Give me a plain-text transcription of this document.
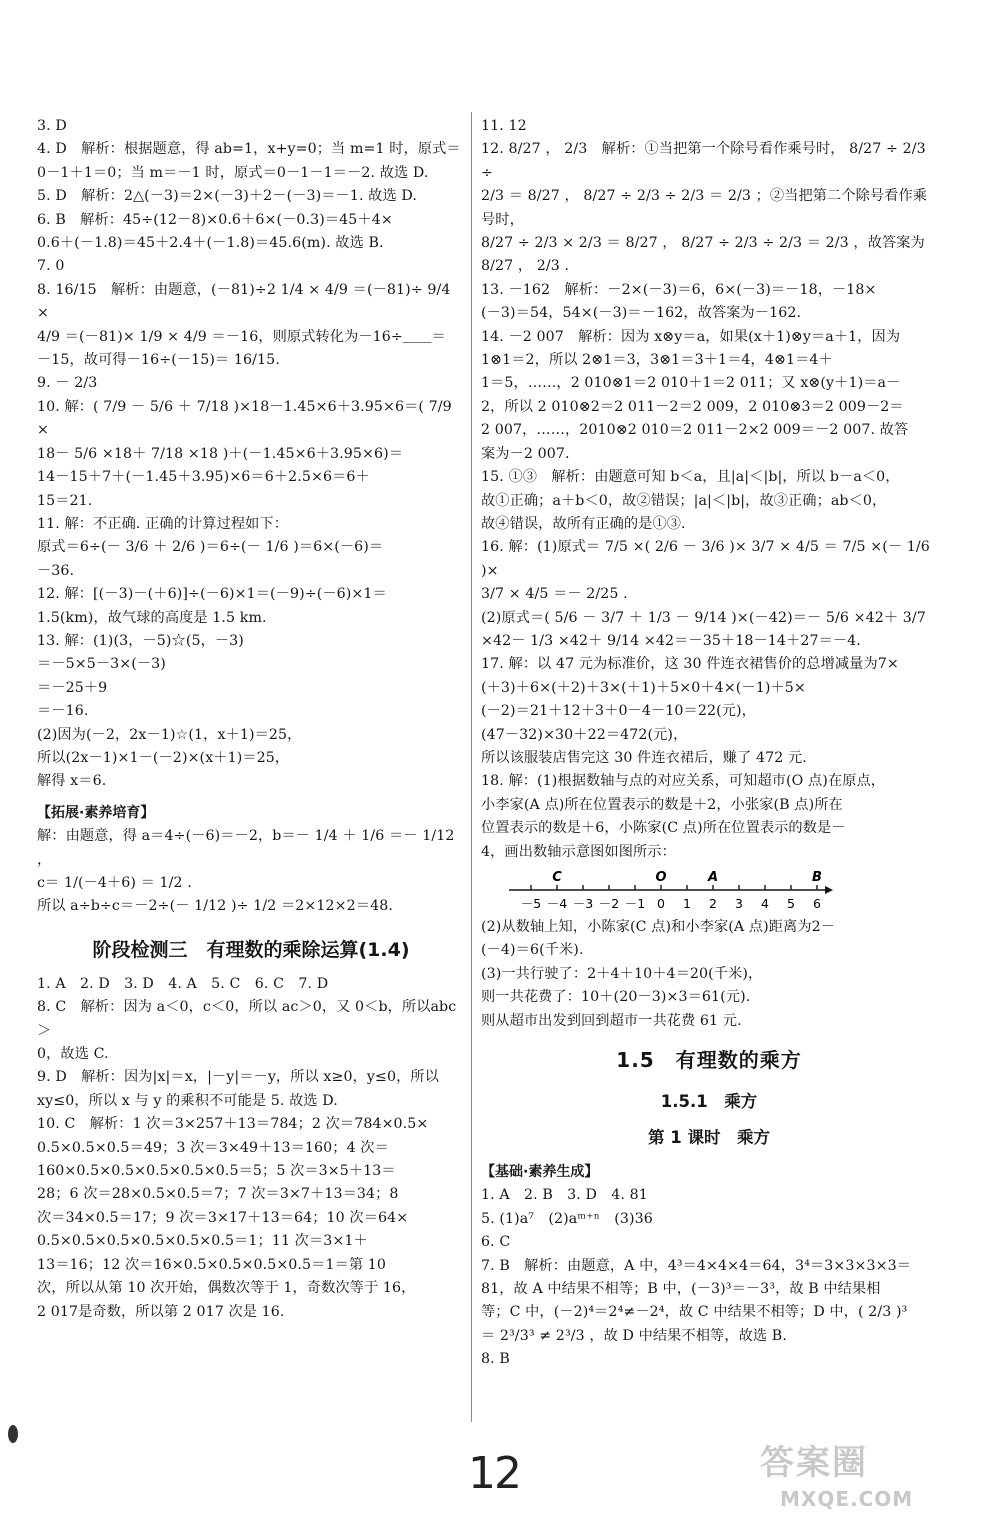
3. D

4. D　解析：根据题意，得 ab=1，x+y=0；当 m=1 时，原式＝

0－1＋1＝0；当 m＝－1 时，原式＝0－1－1＝－2. 故选 D.

5. D　解析：2△(－3)＝2×(－3)＋2－(－3)＝－1. 故选 D.

6. B　解析：45÷(12－8)×0.6＋6×(－0.3)＝45＋4×

0.6＋(－1.8)＝45＋2.4＋(－1.8)＝45.6(m). 故选 B.

7. 0

8. 16/15　解析：由题意，(－81)÷2 1/4 × 4/9 ＝(－81)÷ 9/4 ×

4/9 ＝(－81)× 1/9 × 4/9 ＝－16，则原式转化为－16÷＿＿＝

－15，故可得－16÷(－15)＝ 16/15.

9. － 2/3

10. 解：( 7/9 － 5/6 ＋ 7/18 )×18－1.45×6＋3.95×6＝( 7/9 ×

18－ 5/6 ×18＋ 7/18 ×18 )＋(－1.45×6＋3.95×6)＝

14－15＋7＋(－1.45＋3.95)×6＝6＋2.5×6＝6＋

15＝21.

11. 解：不正确. 正确的计算过程如下：

原式＝6÷(－ 3/6 ＋ 2/6 )＝6÷(－ 1/6 )＝6×(－6)＝

－36.

12. 解：[(－3)－(＋6)]÷(－6)×1＝(－9)÷(－6)×1＝

1.5(km)，故气球的高度是 1.5 km.

13. 解：(1)(3，－5)☆(5，－3)

＝－5×5－3×(－3)

＝－25＋9

＝－16.

(2)因为(－2，2x－1)☆(1，x＋1)＝25，

所以(2x－1)×1－(－2)×(x＋1)＝25，

解得 x＝6.

【拓展·素养培育】

解：由题意，得 a＝4÷(－6)＝－2，b＝－ 1/4 ＋ 1/6 ＝－ 1/12 ，

c＝ 1/(－4＋6) ＝ 1/2 .

所以 a÷b÷c＝－2÷(－ 1/12 )÷ 1/2 ＝2×12×2＝48.

阶段检测三　有理数的乘除运算(1.4)

1. A　2. D　3. D　4. A　5. C　6. C　7. D

8. C　解析：因为 a＜0，c＜0，所以 ac＞0，又 0＜b，所以abc＞

0，故选 C.

9. D　解析：因为|x|＝x，|－y|＝－y，所以 x≥0，y≤0，所以

xy≤0，所以 x 与 y 的乘积不可能是 5. 故选 D.

10. C　解析：1 次＝3×257＋13＝784；2 次＝784×0.5×

0.5×0.5×0.5＝49；3 次＝3×49＋13＝160；4 次＝

160×0.5×0.5×0.5×0.5×0.5＝5；5 次＝3×5＋13＝

28；6 次＝28×0.5×0.5＝7；7 次＝3×7＋13＝34；8

次＝34×0.5＝17；9 次＝3×17＋13＝64；10 次＝64×

0.5×0.5×0.5×0.5×0.5×0.5＝1；11 次＝3×1＋

13＝16；12 次＝16×0.5×0.5×0.5×0.5＝1＝第 10

次，所以从第 10 次开始，偶数次等于 1，奇数次等于 16，

2 017是奇数，所以第 2 017 次是 16.

11. 12

12. 8/27 ， 2/3　解析：①当把第一个除号看作乘号时， 8/27 ÷ 2/3 ÷

2/3 ＝ 8/27 ， 8/27 ÷ 2/3 ÷ 2/3 ＝ 2/3 ；②当把第二个除号看作乘号时，

8/27 ÷ 2/3 × 2/3 ＝ 8/27 ， 8/27 ÷ 2/3 ÷ 2/3 ＝ 2/3 ，故答案为 8/27 ， 2/3 .

13. －162　解析：－2×(－3)＝6，6×(－3)＝－18，－18×

(－3)＝54，54×(－3)＝－162，故答案为－162.

14. －2 007　解析：因为 x⊗y＝a，如果(x＋1)⊗y＝a＋1，因为

1⊗1＝2，所以 2⊗1＝3，3⊗1＝3＋1＝4，4⊗1＝4＋

1＝5，……，2 010⊗1＝2 010＋1＝2 011；又 x⊗(y＋1)＝a－

2，所以 2 010⊗2＝2 011－2＝2 009，2 010⊗3＝2 009－2＝

2 007，……，2010⊗2 010＝2 011－2×2 009＝－2 007. 故答

案为－2 007.

15. ①③　解析：由题意可知 b＜a，且|a|＜|b|，所以 b－a＜0，

故①正确；a＋b＜0，故②错误；|a|＜|b|，故③正确；ab＜0，

故④错误，故所有正确的是①③.

16. 解：(1)原式＝ 7/5 ×( 2/6 － 3/6 )× 3/7 × 4/5 ＝ 7/5 ×(－ 1/6 )×

3/7 × 4/5 ＝－ 2/25 .

(2)原式＝( 5/6 － 3/7 ＋ 1/3 － 9/14 )×(－42)＝－ 5/6 ×42＋ 3/7

×42－ 1/3 ×42＋ 9/14 ×42＝－35＋18－14＋27＝－4.

17. 解：以 47 元为标准价，这 30 件连衣裙售价的总增减量为7×

(＋3)＋6×(＋2)＋3×(＋1)＋5×0＋4×(－1)＋5×

(－2)＝21＋12＋3＋0－4－10＝22(元)，

(47－32)×30＋22＝472(元)，

所以该服装店售完这 30 件连衣裙后，赚了 472 元.

18. 解：(1)根据数轴与点的对应关系，可知超市(O 点)在原点，

小李家(A 点)所在位置表示的数是＋2，小张家(B 点)所在

位置表示的数是＋6，小陈家(C 点)所在位置表示的数是－

4，画出数轴示意图如图所示：

－5 －4 －3 －2 －1 0 1 2 3 4 5 6
C	O	A	B

(2)从数轴上知，小陈家(C 点)和小李家(A 点)距离为2－

(－4)＝6(千米).

(3)一共行驶了：2＋4＋10＋4＝20(千米)，

则一共花费了：10＋(20－3)×3＝61(元).

则从超市出发到回到超市一共花费 61 元.

1.5　有理数的乘方
1.5.1　乘方
第 1 课时　乘方
【基础·素养生成】

1. A　2. B　3. D　4. 81

5. (1)a⁷　(2)aᵐ⁺ⁿ　(3)36

6. C

7. B　解析：由题意，A 中，4³＝4×4×4＝64，3⁴＝3×3×3×3＝

81，故 A 中结果不相等；B 中，(－3)³＝－3³，故 B 中结果相

等；C 中，(－2)⁴＝2⁴≠－2⁴，故 C 中结果不相等；D 中，( 2/3 )³

＝ 2³/3³ ≠ 2³/3 ，故 D 中结果不相等，故选 B.

8. B

12	答案圈
MXQE.COM
